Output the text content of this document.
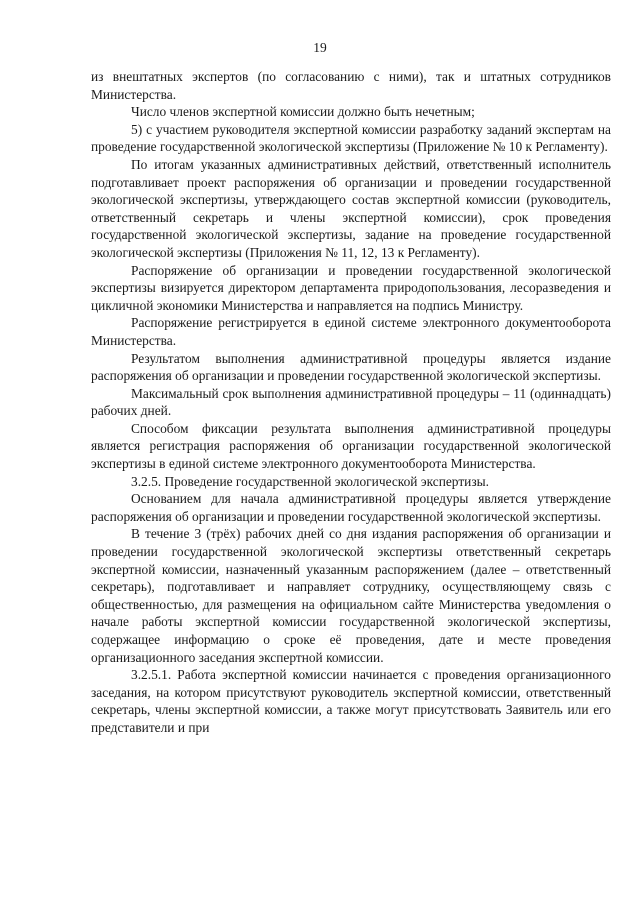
19

из внештатных экспертов (по согласованию с ними), так и штатных сотрудников Министерства.

Число членов экспертной комиссии должно быть нечетным;

5) с участием руководителя экспертной комиссии разработку заданий экспертам на проведение государственной экологической экспертизы (Приложение № 10 к Регламенту).

По итогам указанных административных действий, ответственный исполнитель подготавливает проект распоряжения об организации и проведении государственной экологической экспертизы, утверждающего состав экспертной комиссии (руководитель, ответственный секретарь и члены экспертной комиссии), срок проведения государственной экологической экспертизы, задание на проведение государственной экологической экспертизы (Приложения № 11, 12, 13 к Регламенту).

Распоряжение об организации и проведении государственной экологической экспертизы визируется директором департамента природопользования, лесоразведения и цикличной экономики Министерства и направляется на подпись Министру.

Распоряжение регистрируется в единой системе электронного документооборота Министерства.

Результатом выполнения административной процедуры является издание распоряжения об организации и проведении государственной экологической экспертизы.

Максимальный срок выполнения административной процедуры – 11 (одиннадцать) рабочих дней.

Способом фиксации результата выполнения административной процедуры является регистрация распоряжения об организации государственной экологической экспертизы в единой системе электронного документооборота Министерства.

3.2.5. Проведение государственной экологической экспертизы.

Основанием для начала административной процедуры является утверждение распоряжения об организации и проведении государственной экологической экспертизы.

В течение 3 (трёх) рабочих дней со дня издания распоряжения об организации и проведении государственной экологической экспертизы ответственный секретарь экспертной комиссии, назначенный указанным распоряжением (далее – ответственный секретарь), подготавливает и направляет сотруднику, осуществляющему связь с общественностью, для размещения на официальном сайте Министерства уведомления о начале работы экспертной комиссии государственной экологической экспертизы, содержащее информацию о сроке её проведения, дате и месте проведения организационного заседания экспертной комиссии.

3.2.5.1. Работа экспертной комиссии начинается с проведения организационного заседания, на котором присутствуют руководитель экспертной комиссии, ответственный секретарь, члены экспертной комиссии, а также могут присутствовать Заявитель или его представители и при
